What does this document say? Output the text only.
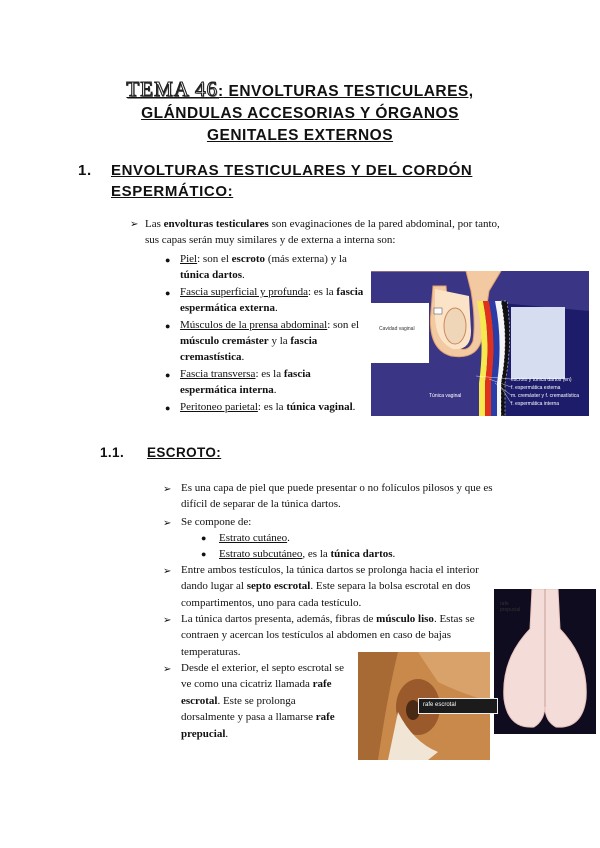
TEMA 46: ENVOLTURAS TESTICULARES,
GLÁNDULAS ACCESORIAS Y ÓRGANOS
GENITALES EXTERNOS
1. ENVOLTURAS TESTICULARES Y DEL CORDÓN ESPERMÁTICO:
➢ Las envolturas testiculares son evaginaciones de la pared abdominal, por tanto, sus capas serán muy similares y de externa a interna son:
● Piel: son el escroto (más externa) y la túnica dartos.
● Fascia superficial y profunda: es la fascia espermática externa.
● Músculos de la prensa abdominal: son el músculo cremáster y la fascia cremastística.
● Fascia transversa: es la fascia espermática interna.
● Peritoneo parietal: es la túnica vaginal.
Cavidad vaginal
Túnica vaginal
escroto y túnica dartos (en)
f. espermática externa
m. cremáster y f. cremastística
f. espermática interna
1.1. ESCROTO:
➢ Es una capa de piel que puede presentar o no folículos pilosos y que es difícil de separar de la túnica dartos.
➢ Se compone de:
● Estrato cutáneo.
● Estrato subcutáneo, es la túnica dartos.
➢ Entre ambos testículos, la túnica dartos se prolonga hacia el interior dando lugar al septo escrotal. Este separa la bolsa escrotal en dos compartimentos, uno para cada testículo.
➢ La túnica dartos presenta, además, fibras de músculo liso. Estas se contraen y acercan los testículos al abdomen en caso de bajas temperaturas.
➢ Desde el exterior, el septo escrotal se ve como una cicatriz llamada rafe escrotal. Este se prolonga dorsalmente y pasa a llamarse rafe prepucial.
rafe prepucial
rafe escrotal
